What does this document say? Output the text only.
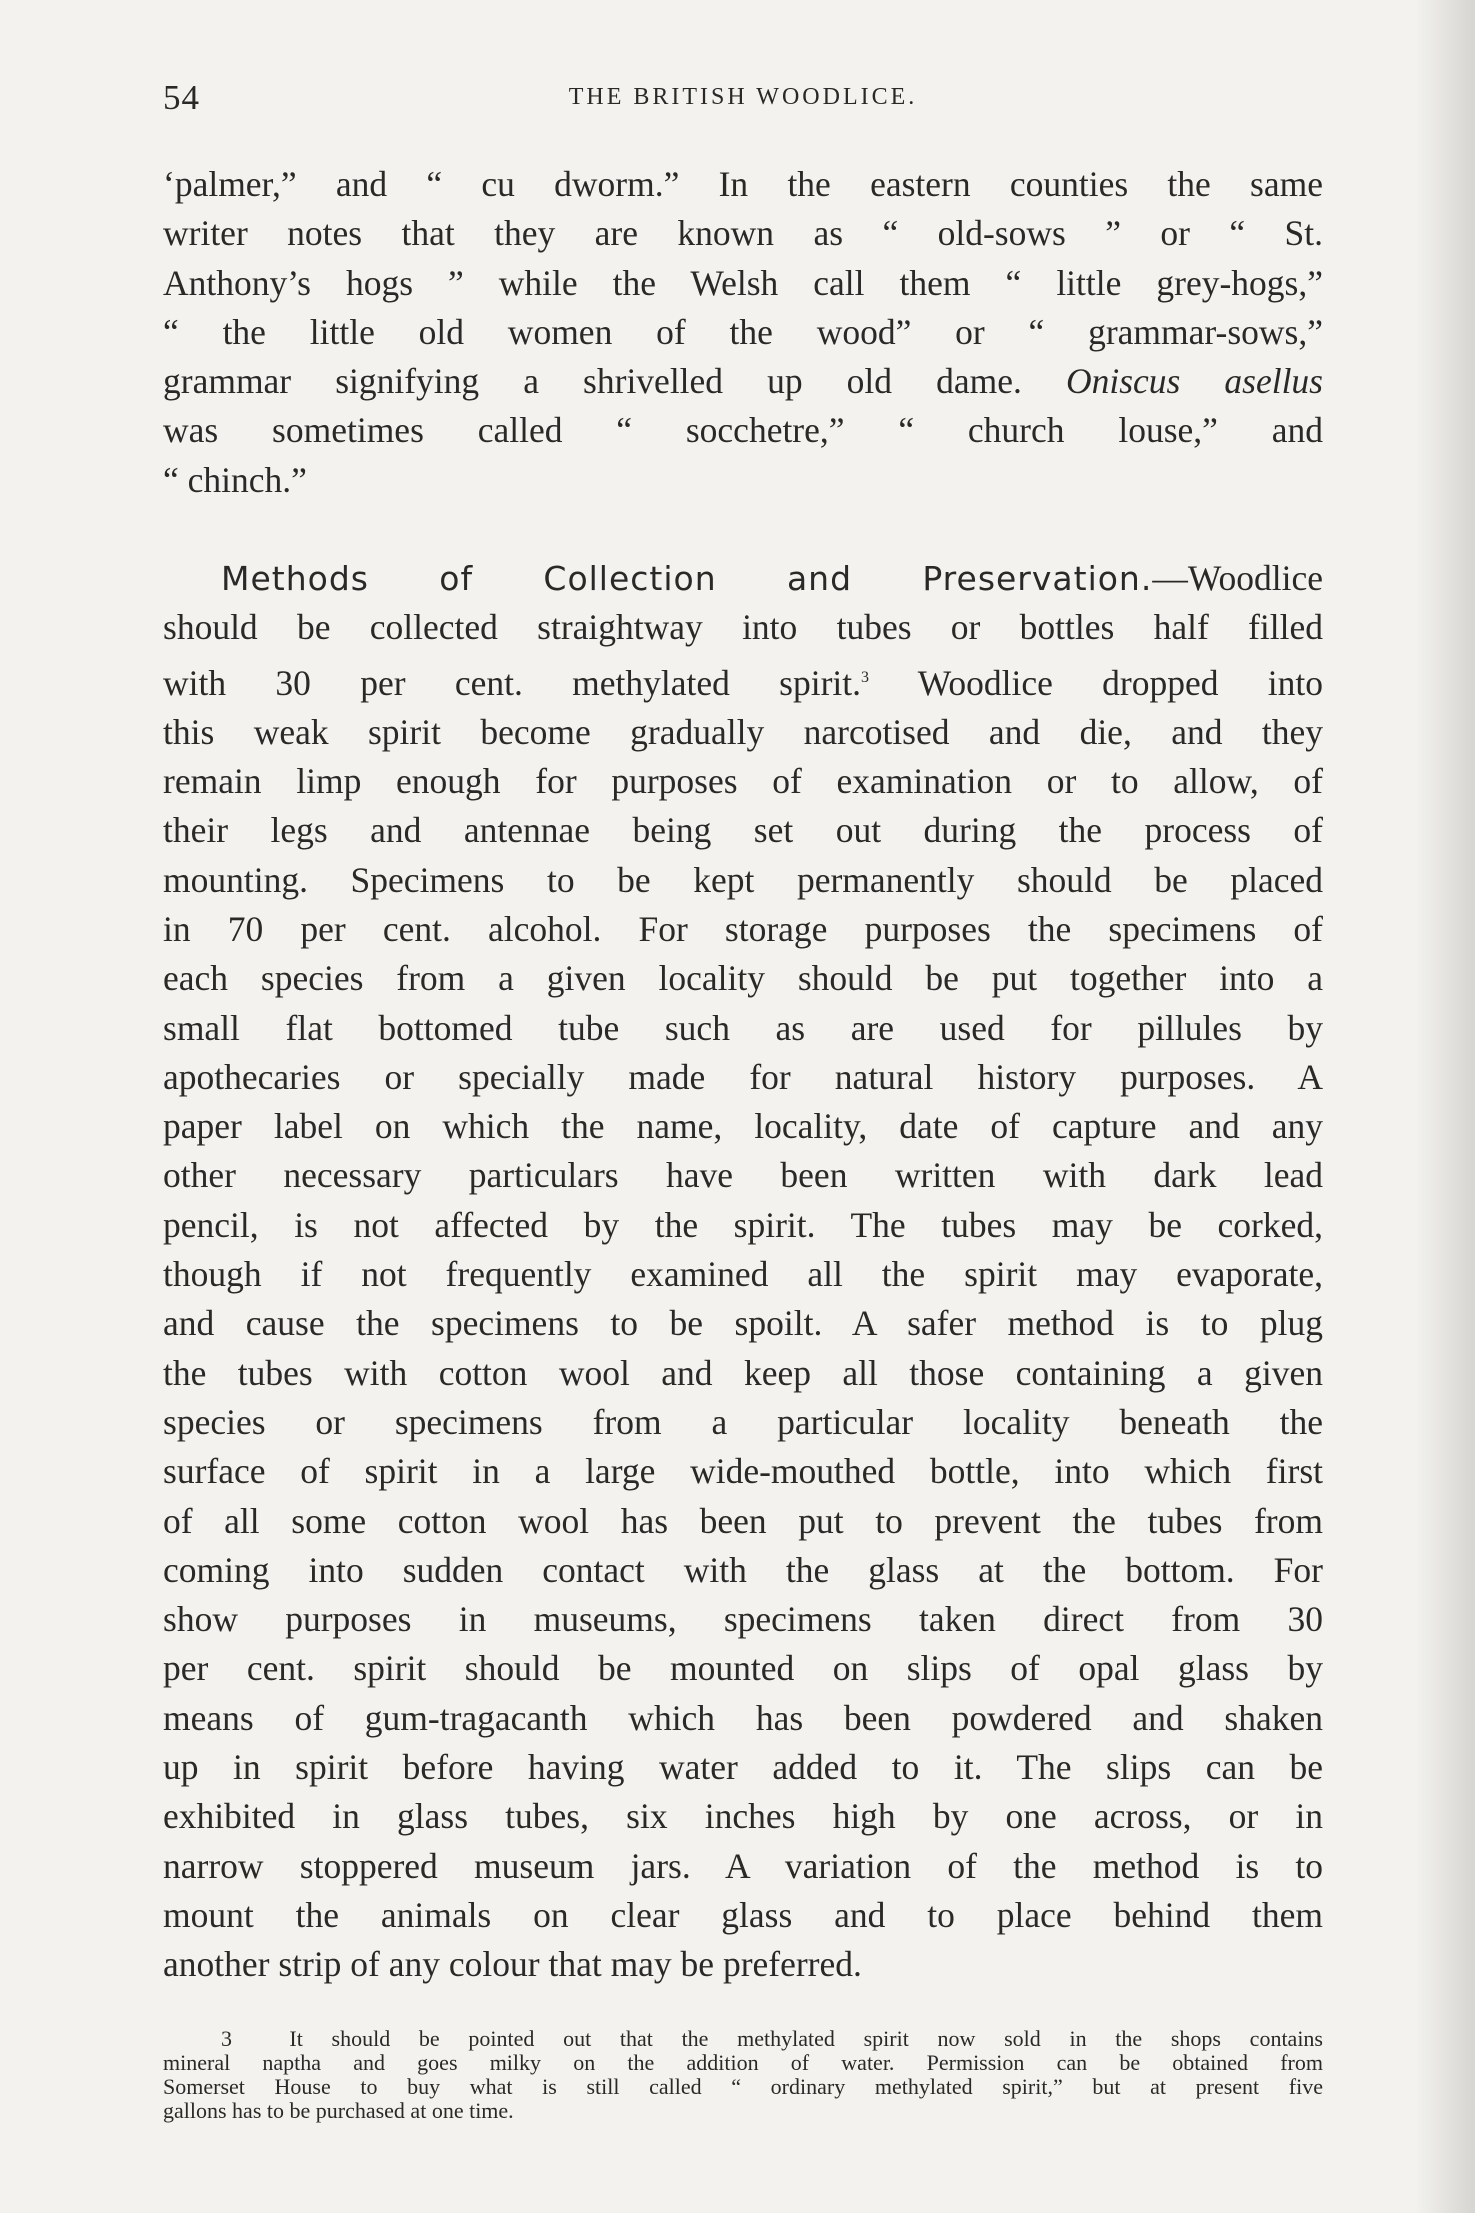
54	THE BRITISH WOODLICE.
‘palmer,” and “ cu dworm.” In the eastern counties the same
writer notes that they are known as “ old-sows ” or “ St.
Anthony’s hogs ” while the Welsh call them “ little grey-hogs,”
“ the little old women of the wood” or “ grammar-sows,”
grammar signifying a shrivelled up old dame. Oniscus asellus
was sometimes called “ socchetre,” “ church louse,” and
“ chinch.”
Methods of Collection and Preservation.—Woodlice
should be collected straightway into tubes or bottles half filled
with 30 per cent. methylated spirit.$^3$ Woodlice dropped into
this weak spirit become gradually narcotised and die, and they
remain limp enough for purposes of examination or to allow, of
their legs and antennae being set out during the process of
mounting. Specimens to be kept permanently should be placed
in 70 per cent. alcohol. For storage purposes the specimens of
each species from a given locality should be put together into a
small flat bottomed tube such as are used for pillules by
apothecaries or specially made for natural history purposes. A
paper label on which the name, locality, date of capture and any
other necessary particulars have been written with dark lead
pencil, is not affected by the spirit. The tubes may be corked,
though if not frequently examined all the spirit may evaporate,
and cause the specimens to be spoilt. A safer method is to plug
the tubes with cotton wool and keep all those containing a given
species or specimens from a particular locality beneath the
surface of spirit in a large wide-mouthed bottle, into which first
of all some cotton wool has been put to prevent the tubes from
coming into sudden contact with the glass at the bottom. For
show purposes in museums, specimens taken direct from 30
per cent. spirit should be mounted on slips of opal glass by
means of gum-tragacanth which has been powdered and shaken
up in spirit before having water added to it. The slips can be
exhibited in glass tubes, six inches high by one across, or in
narrow stoppered museum jars. A variation of the method is to
mount the animals on clear glass and to place behind them
another strip of any colour that may be preferred.
3	It should be pointed out that the methylated spirit now sold in the shops contains
mineral naptha and goes milky on the addition of water. Permission can be obtained from
Somerset House to buy what is still called “ ordinary methylated spirit,” but at present five
gallons has to be purchased at one time.
